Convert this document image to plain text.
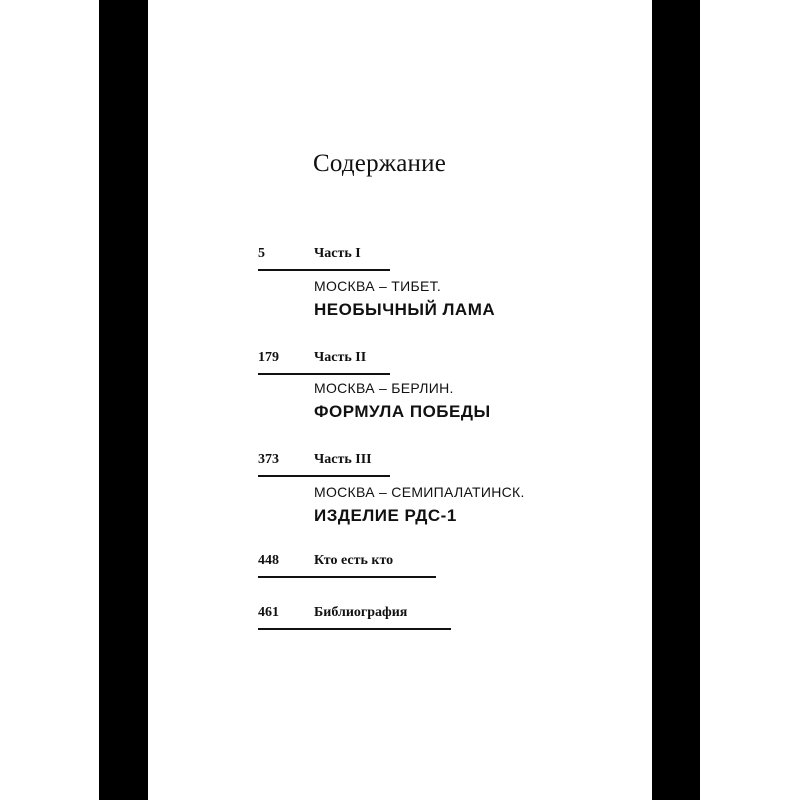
Содержание
5	Часть I
МОСКВА – ТИБЕТ.
НЕОБЫЧНЫЙ ЛАМА
179	Часть II
МОСКВА – БЕРЛИН.
ФОРМУЛА ПОБЕДЫ
373	Часть III
МОСКВА – СЕМИПАЛАТИНСК.
ИЗДЕЛИЕ РДС-1
448	Кто есть кто
461	Библиография
